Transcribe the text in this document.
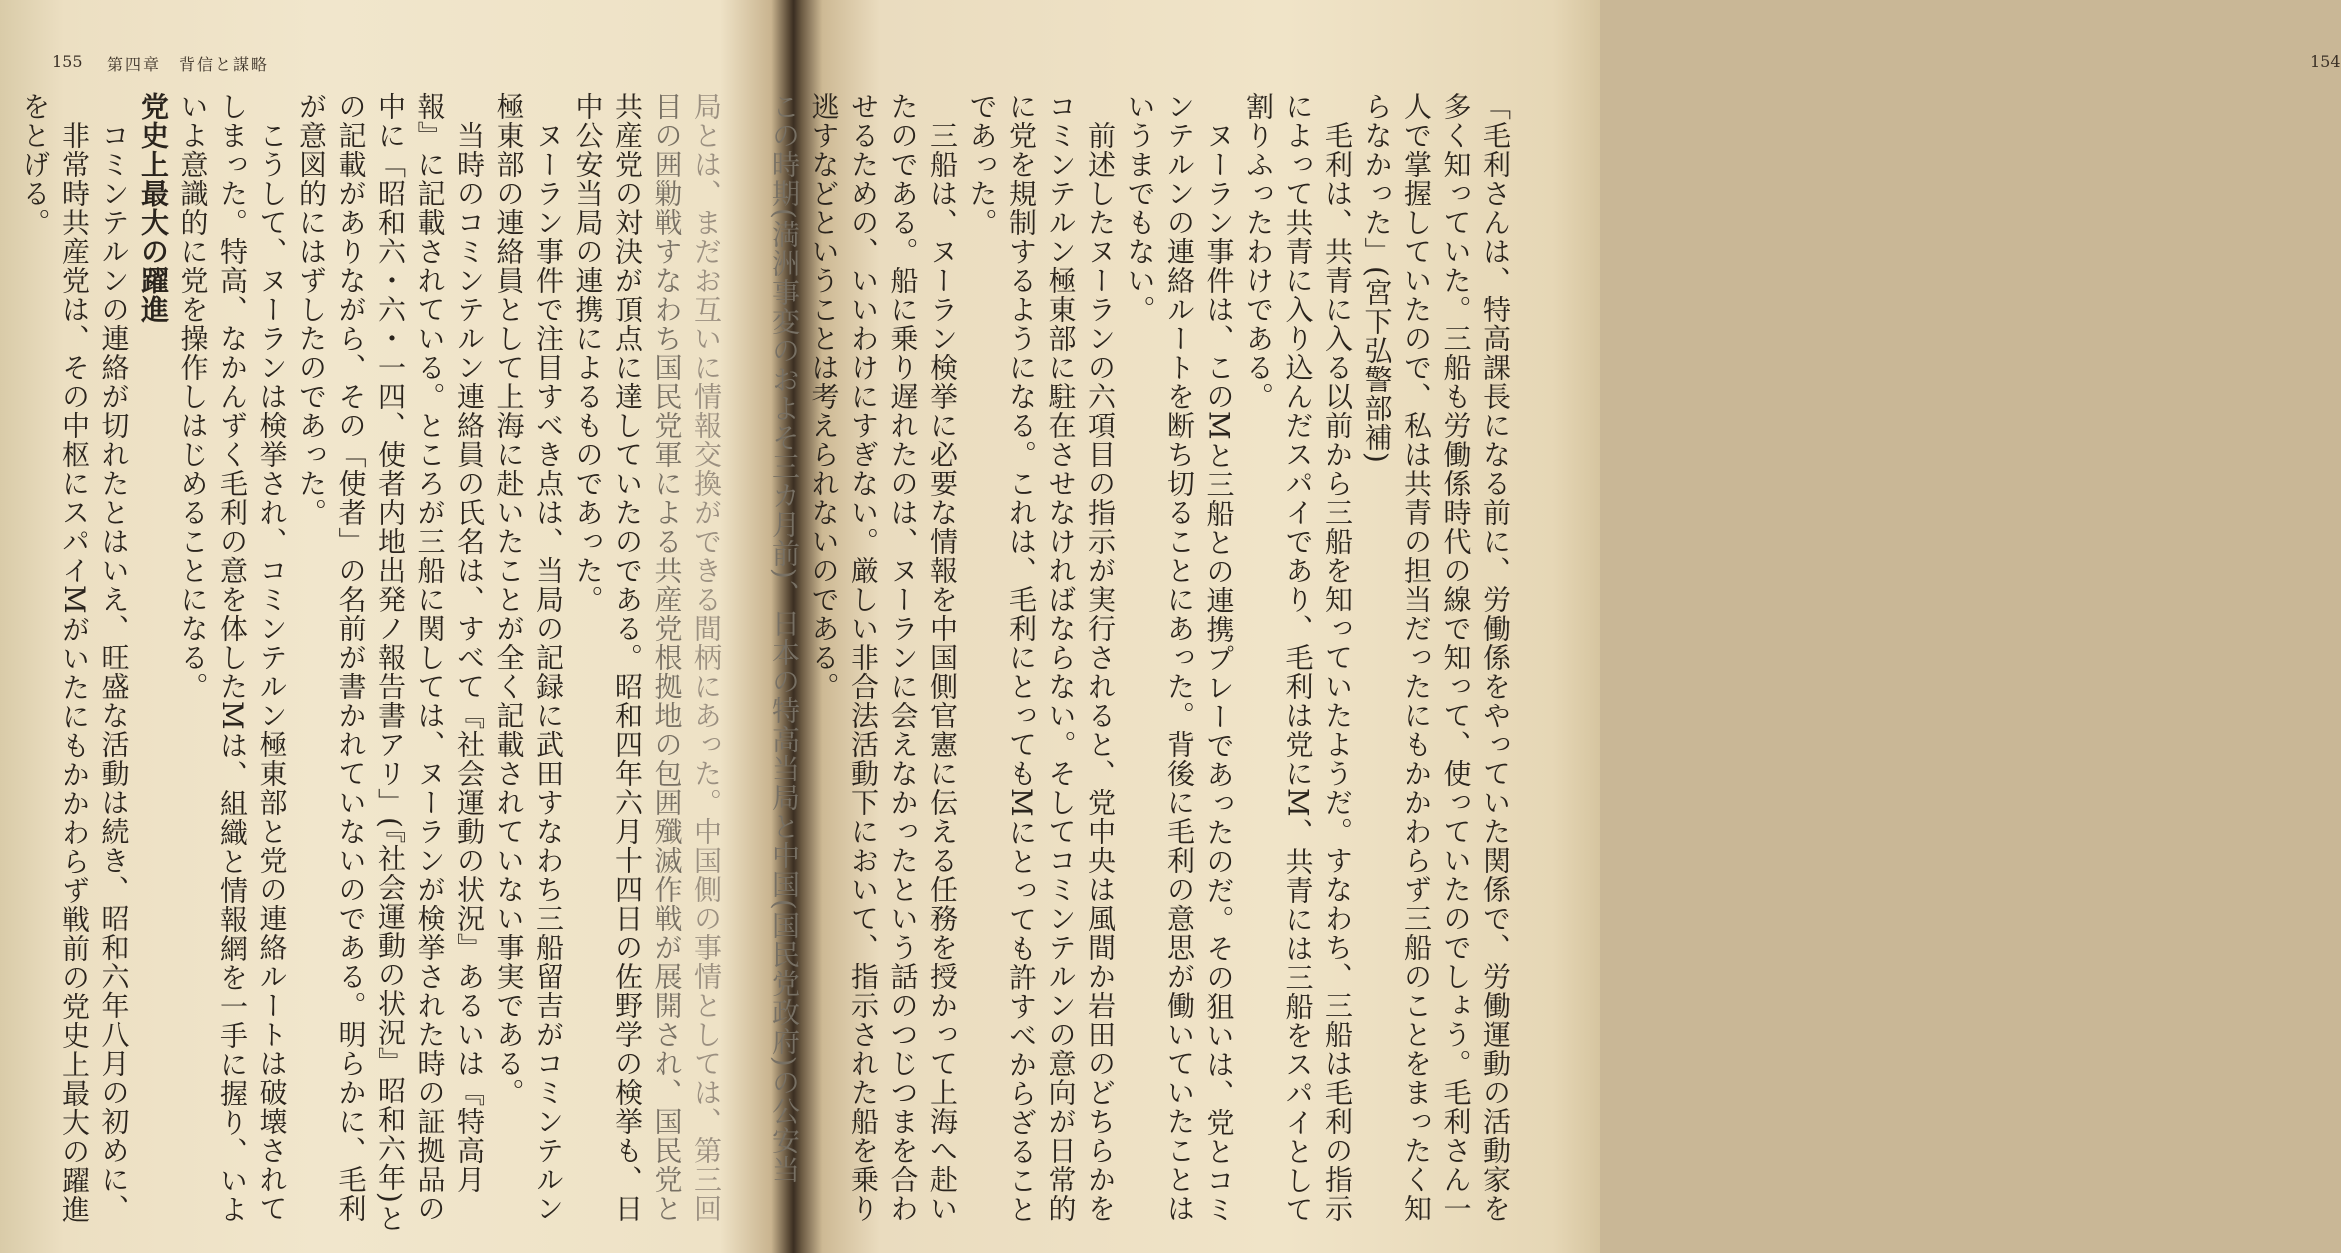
155 第四章　背信と謀略	154
局とは、まだお互いに情報交換ができる間柄にあった。中国側の事情としては、第三回
目の囲勦戦すなわち国民党軍による共産党根拠地の包囲殲滅作戦が展開され、国民党と
共産党の対決が頂点に達していたのである。昭和四年六月十四日の佐野学の検挙も、日
中公安当局の連携によるものであった。
　ヌーラン事件で注目すべき点は、当局の記録に武田すなわち三船留吉がコミンテルン
極東部の連絡員として上海に赴いたことが全く記載されていない事実である。
　当時のコミンテルン連絡員の氏名は、すべて『社会運動の状況』あるいは『特高月
報』に記載されている。ところが三船に関しては、ヌーランが検挙された時の証拠品の
中に「昭和六・六・一四、使者内地出発ノ報告書アリ」(『社会運動の状況』昭和六年)と
の記載がありながら、その「使者」の名前が書かれていないのである。明らかに、毛利
が意図的にはずしたのであった。
　こうして、ヌーランは検挙され、コミンテルン極東部と党の連絡ルートは破壊されて
しまった。特高、なかんずく毛利の意を体したMは、組織と情報網を一手に握り、いよ
いよ意識的に党を操作しはじめることになる。
党史上最大の躍進
　コミンテルンの連絡が切れたとはいえ、旺盛な活動は続き、昭和六年八月の初めに、
　非常時共産党は、その中枢にスパイMがいたにもかかわらず戦前の党史上最大の躍進
をとげる。	「毛利さんは、特高課長になる前に、労働係をやっていた関係で、労働運動の活動家を
多く知っていた。三船も労働係時代の線で知って、使っていたのでしょう。毛利さん一
人で掌握していたので、私は共青の担当だったにもかかわらず三船のことをまったく知
らなかった」(宮下弘警部補)
　毛利は、共青に入る以前から三船を知っていたようだ。すなわち、三船は毛利の指示
によって共青に入り込んだスパイであり、毛利は党にM、共青には三船をスパイとして
割りふったわけである。
　ヌーラン事件は、このMと三船との連携プレーであったのだ。その狙いは、党とコミ
ンテルンの連絡ルートを断ち切ることにあった。背後に毛利の意思が働いていたことは
いうまでもない。
　前述したヌーランの六項目の指示が実行されると、党中央は風間か岩田のどちらかを
コミンテルン極東部に駐在させなければならない。そしてコミンテルンの意向が日常的
に党を規制するようになる。これは、毛利にとってもMにとっても許すべからざること
であった。
　三船は、ヌーラン検挙に必要な情報を中国側官憲に伝える任務を授かって上海へ赴い
たのである。船に乗り遅れたのは、ヌーランに会えなかったという話のつじつまを合わ
せるための、いいわけにすぎない。厳しい非合法活動下において、指示された船を乗り
逃すなどということは考えられないのである。
この時期(満洲事変のおよそ三カ月前)、日本の特高当局と中国(国民党政府)の公安当
